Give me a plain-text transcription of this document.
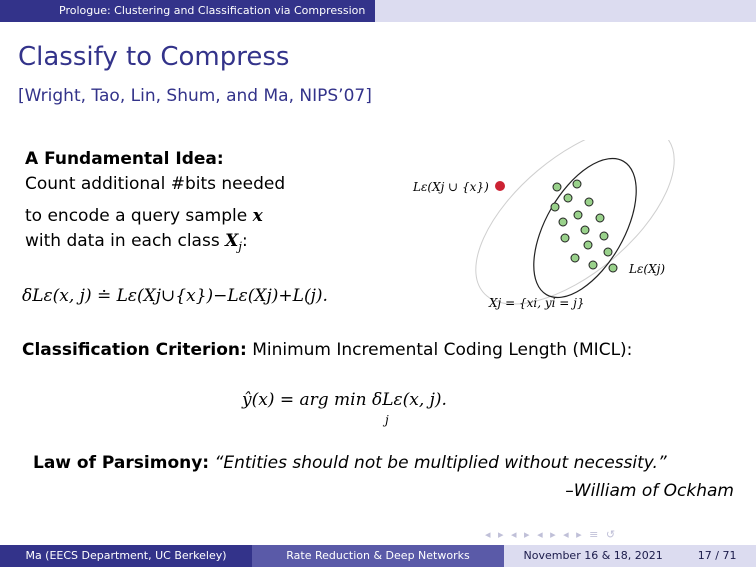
Prologue: Clustering and Classification via Compression
Classify to Compress
[Wright, Tao, Lin, Shum, and Ma, NIPS’07]
A Fundamental Idea:
Count additional #bits needed
to encode a query sample x
with data in each class $X_j$:
δLε(x, j) ≐ Lε(Xj∪{x})−Lε(Xj)+L(j).
Lε(Xj ∪ {x})
Lε(Xj)
Xj = {xi, yi = j}
Classification Criterion: Minimum Incremental Coding Length (MICL):
ŷ(x) = arg min δLε(x, j).
j
Law of Parsimony: “Entities should not be multiplied without necessity.”
–William of Ockham
◂ ▸ ◂ ▸ ◂ ▸ ◂ ▸ ≡ ↺
Ma (EECS Department, UC Berkeley)	Rate Reduction & Deep Networks	November 16 & 18, 2021	17 / 71
